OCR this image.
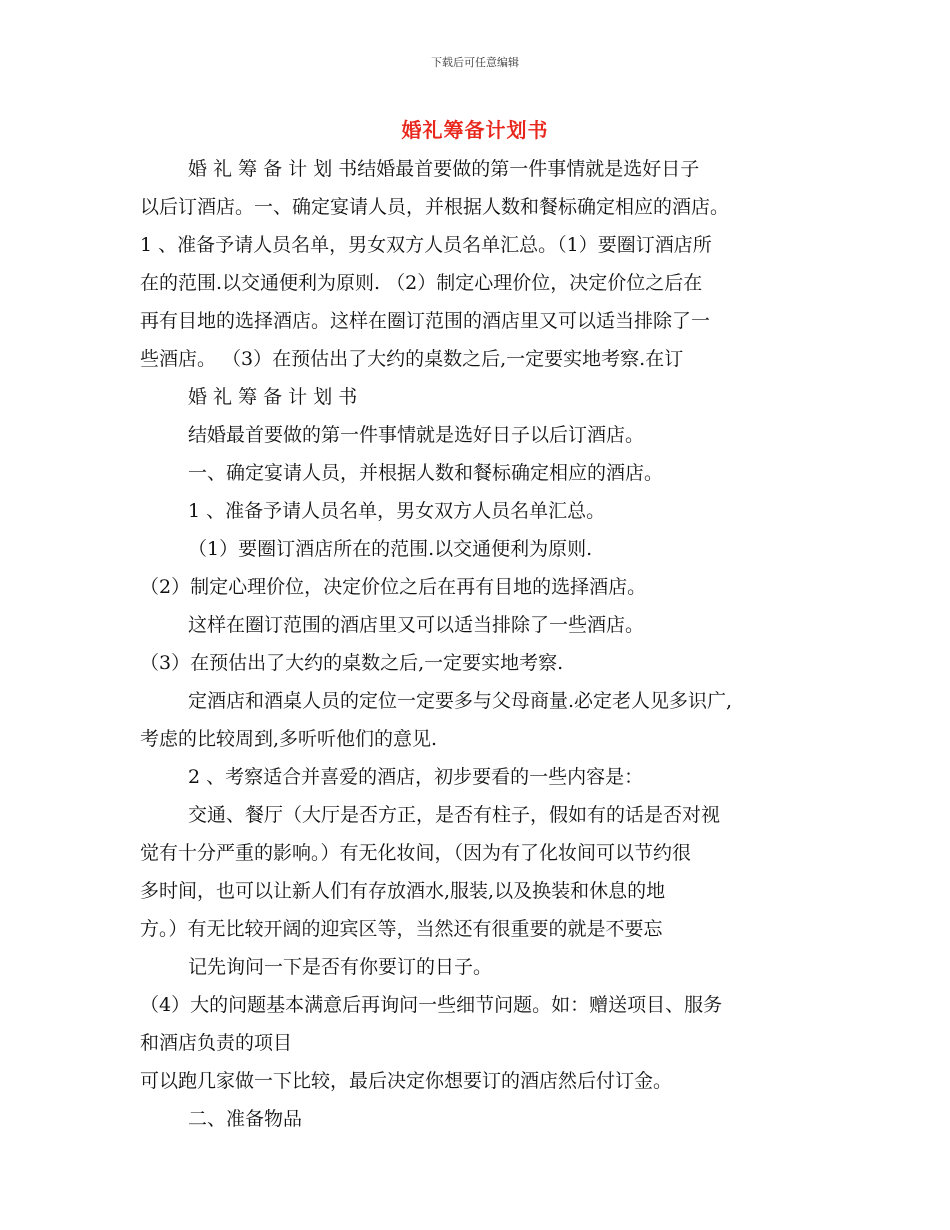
下载后可任意编辑
婚礼筹备计划书
婚 礼 筹 备 计 划 书结婚最首要做的第一件事情就是选好日子
以后订酒店。一、确定宴请人员，并根据人数和餐标确定相应的酒店。
1 、准备予请人员名单，男女双方人员名单汇总。（1）要圈订酒店所
在的范围.以交通便利为原则. （2）制定心理价位，决定价位之后在
再有目地的选择酒店。这样在圈订范围的酒店里又可以适当排除了一
些酒店。 （3）在预估出了大约的桌数之后,一定要实地考察.在订
婚 礼 筹 备 计 划 书
结婚最首要做的第一件事情就是选好日子以后订酒店。
一、确定宴请人员，并根据人数和餐标确定相应的酒店。
1 、准备予请人员名单，男女双方人员名单汇总。
（1）要圈订酒店所在的范围.以交通便利为原则.
（2）制定心理价位，决定价位之后在再有目地的选择酒店。
这样在圈订范围的酒店里又可以适当排除了一些酒店。
（3）在预估出了大约的桌数之后,一定要实地考察.
定酒店和酒桌人员的定位一定要多与父母商量.必定老人见多识广,
考虑的比较周到,多听听他们的意见.
2 、考察适合并喜爱的酒店，初步要看的一些内容是：
交通、餐厅（大厅是否方正，是否有柱子，假如有的话是否对视
觉有十分严重的影响。）有无化妆间，（因为有了化妆间可以节约很
多时间，也可以让新人们有存放酒水,服装,以及换装和休息的地
方。）有无比较开阔的迎宾区等，当然还有很重要的就是不要忘
记先询问一下是否有你要订的日子。
（4）大的问题基本满意后再询问一些细节问题。如：赠送项目、服务
和酒店负责的项目
可以跑几家做一下比较，最后决定你想要订的酒店然后付订金。
二、准备物品
